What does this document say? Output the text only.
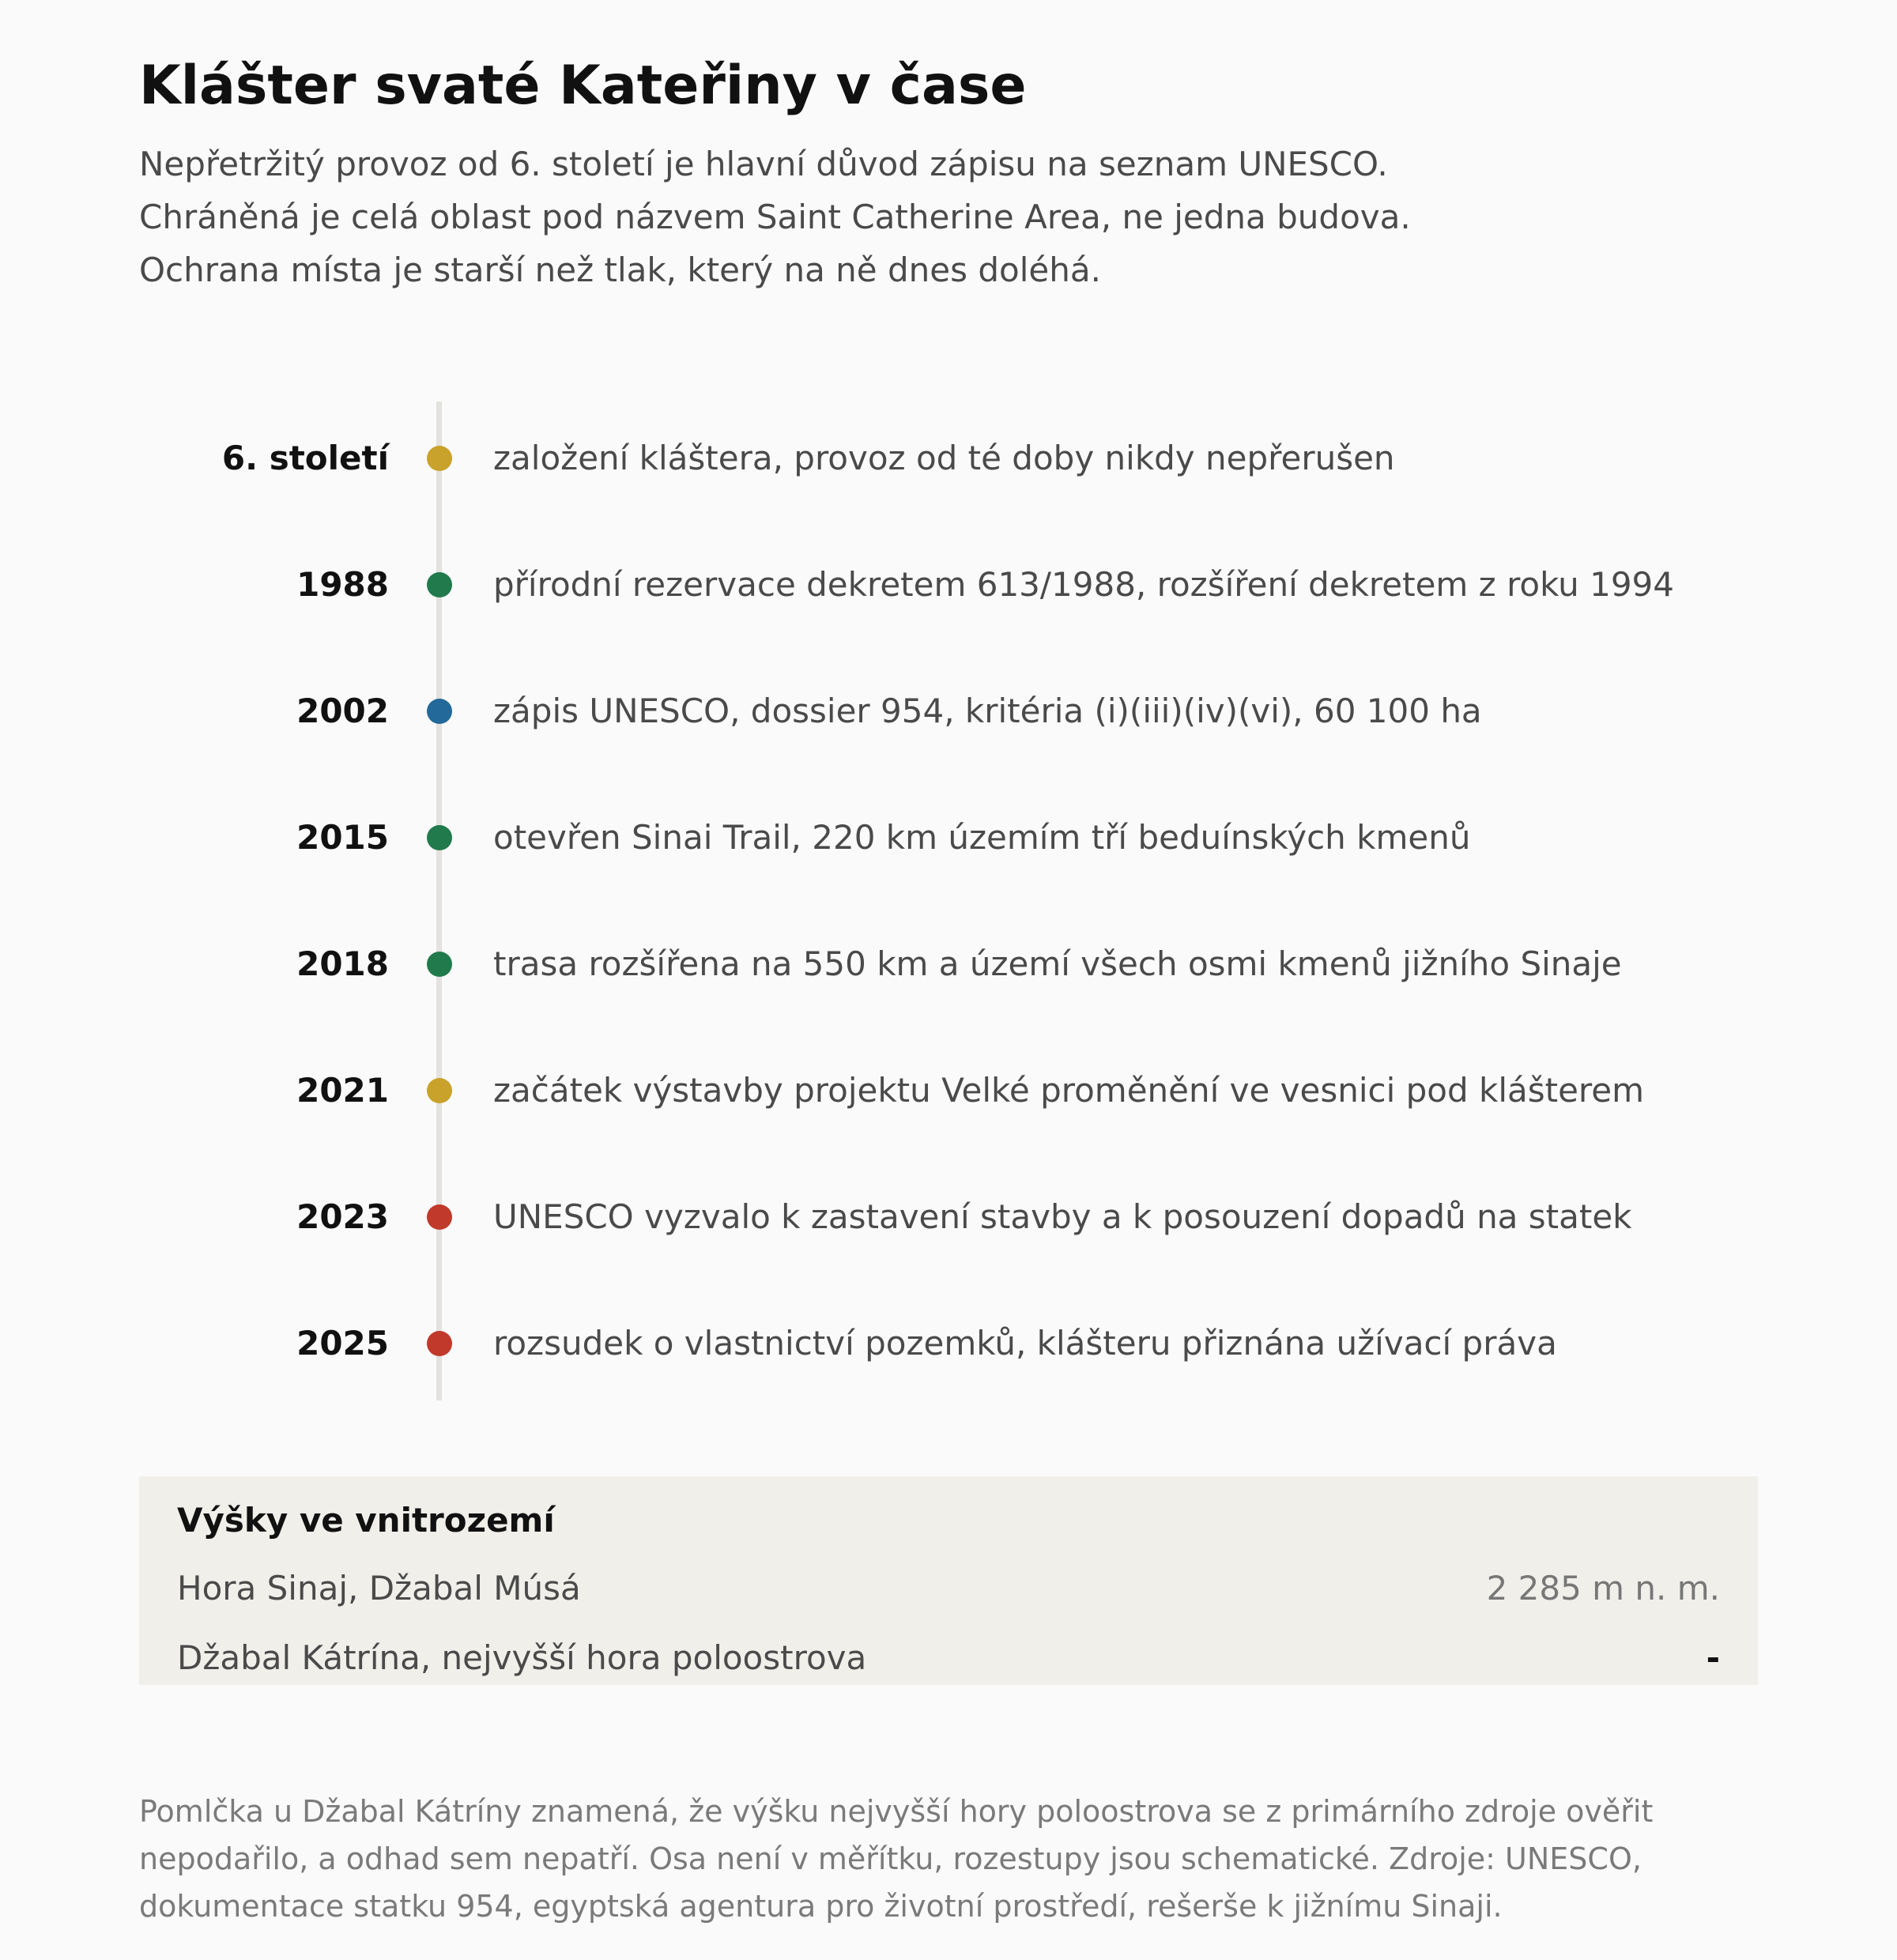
Klášter svaté Kateřiny v čase
Nepřetržitý provoz od 6. století je hlavní důvod zápisu na seznam UNESCO.
Chráněná je celá oblast pod názvem Saint Catherine Area, ne jedna budova.
Ochrana místa je starší než tlak, který na ně dnes doléhá.
6. století	založení kláštera, provoz od té doby nikdy nepřerušen
1988	přírodní rezervace dekretem 613/1988, rozšíření dekretem z roku 1994
2002	zápis UNESCO, dossier 954, kritéria (i)(iii)(iv)(vi), 60 100 ha
2015	otevřen Sinai Trail, 220 km územím tří beduínských kmenů
2018	trasa rozšířena na 550 km a území všech osmi kmenů jižního Sinaje
2021	začátek výstavby projektu Velké proměnění ve vesnici pod klášterem
2023	UNESCO vyzvalo k zastavení stavby a k posouzení dopadů na statek
2025	rozsudek o vlastnictví pozemků, klášteru přiznána užívací práva
Výšky ve vnitrozemí
Hora Sinaj, Džabal Músá	2 285 m n. m.
Džabal Kátrína, nejvyšší hora poloostrova	-
Pomlčka u Džabal Kátríny znamená, že výšku nejvyšší hory poloostrova se z primárního zdroje ověřit
nepodařilo, a odhad sem nepatří. Osa není v měřítku, rozestupy jsou schematické. Zdroje: UNESCO,
dokumentace statku 954, egyptská agentura pro životní prostředí, rešerše k jižnímu Sinaji.
